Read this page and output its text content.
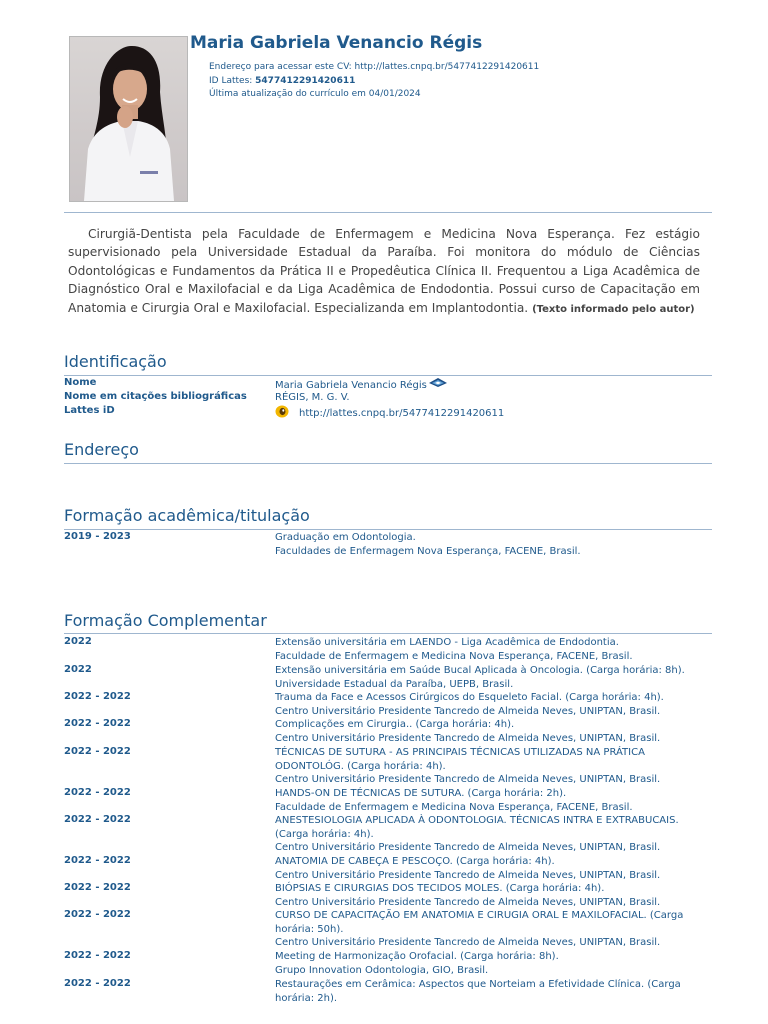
Maria Gabriela Venancio Régis
Endereço para acessar este CV: http://lattes.cnpq.br/5477412291420611
ID Lattes: 5477412291420611
Última atualização do currículo em 04/01/2024

Cirurgiã-Dentista pela Faculdade de Enfermagem e Medicina Nova Esperança. Fez estágio supervisionado pela Universidade Estadual da Paraíba. Foi monitora do módulo de Ciências Odontológicas e Fundamentos da Prática II e Propedêutica Clínica II. Frequentou a Liga Acadêmica de Diagnóstico Oral e Maxilofacial e da Liga Acadêmica de Endodontia. Possui curso de Capacitação em Anatomia e Cirurgia Oral e Maxilofacial. Especializanda em Implantodontia. (Texto informado pelo autor)

Identificação
Nome	Maria Gabriela Venancio Régis
Nome em citações bibliográficas	RÉGIS, M. G. V.
Lattes iD	http://lattes.cnpq.br/5477412291420611
Endereço
Formação acadêmica/titulação
2019 - 2023	Graduação em Odontologia.
Faculdades de Enfermagem Nova Esperança, FACENE, Brasil.
Formação Complementar
2022	Extensão universitária em LAENDO - Liga Acadêmica de Endodontia.
Faculdade de Enfermagem e Medicina Nova Esperança, FACENE, Brasil.
2022	Extensão universitária em Saúde Bucal Aplicada à Oncologia. (Carga horária: 8h).
Universidade Estadual da Paraíba, UEPB, Brasil.
2022 - 2022	Trauma da Face e Acessos Cirúrgicos do Esqueleto Facial. (Carga horária: 4h).
Centro Universitário Presidente Tancredo de Almeida Neves, UNIPTAN, Brasil.
2022 - 2022	Complicações em Cirurgia.. (Carga horária: 4h).
Centro Universitário Presidente Tancredo de Almeida Neves, UNIPTAN, Brasil.
2022 - 2022	TÉCNICAS DE SUTURA - AS PRINCIPAIS TÉCNICAS UTILIZADAS NA PRÁTICA ODONTOLÓG. (Carga horária: 4h).
Centro Universitário Presidente Tancredo de Almeida Neves, UNIPTAN, Brasil.
2022 - 2022	HANDS-ON DE TÉCNICAS DE SUTURA. (Carga horária: 2h).
Faculdade de Enfermagem e Medicina Nova Esperança, FACENE, Brasil.
2022 - 2022	ANESTESIOLOGIA APLICADA À ODONTOLOGIA. TÉCNICAS INTRA E EXTRABUCAIS. (Carga horária: 4h).
Centro Universitário Presidente Tancredo de Almeida Neves, UNIPTAN, Brasil.
2022 - 2022	ANATOMIA DE CABEÇA E PESCOÇO. (Carga horária: 4h).
Centro Universitário Presidente Tancredo de Almeida Neves, UNIPTAN, Brasil.
2022 - 2022	BIÓPSIAS E CIRURGIAS DOS TECIDOS MOLES. (Carga horária: 4h).
Centro Universitário Presidente Tancredo de Almeida Neves, UNIPTAN, Brasil.
2022 - 2022	CURSO DE CAPACITAÇÃO EM ANATOMIA E CIRUGIA ORAL E MAXILOFACIAL. (Carga horária: 50h).
Centro Universitário Presidente Tancredo de Almeida Neves, UNIPTAN, Brasil.
2022 - 2022	Meeting de Harmonização Orofacial. (Carga horária: 8h).
Grupo Innovation Odontologia, GIO, Brasil.
2022 - 2022	Restaurações em Cerâmica: Aspectos que Norteiam a Efetividade Clínica. (Carga horária: 2h).
